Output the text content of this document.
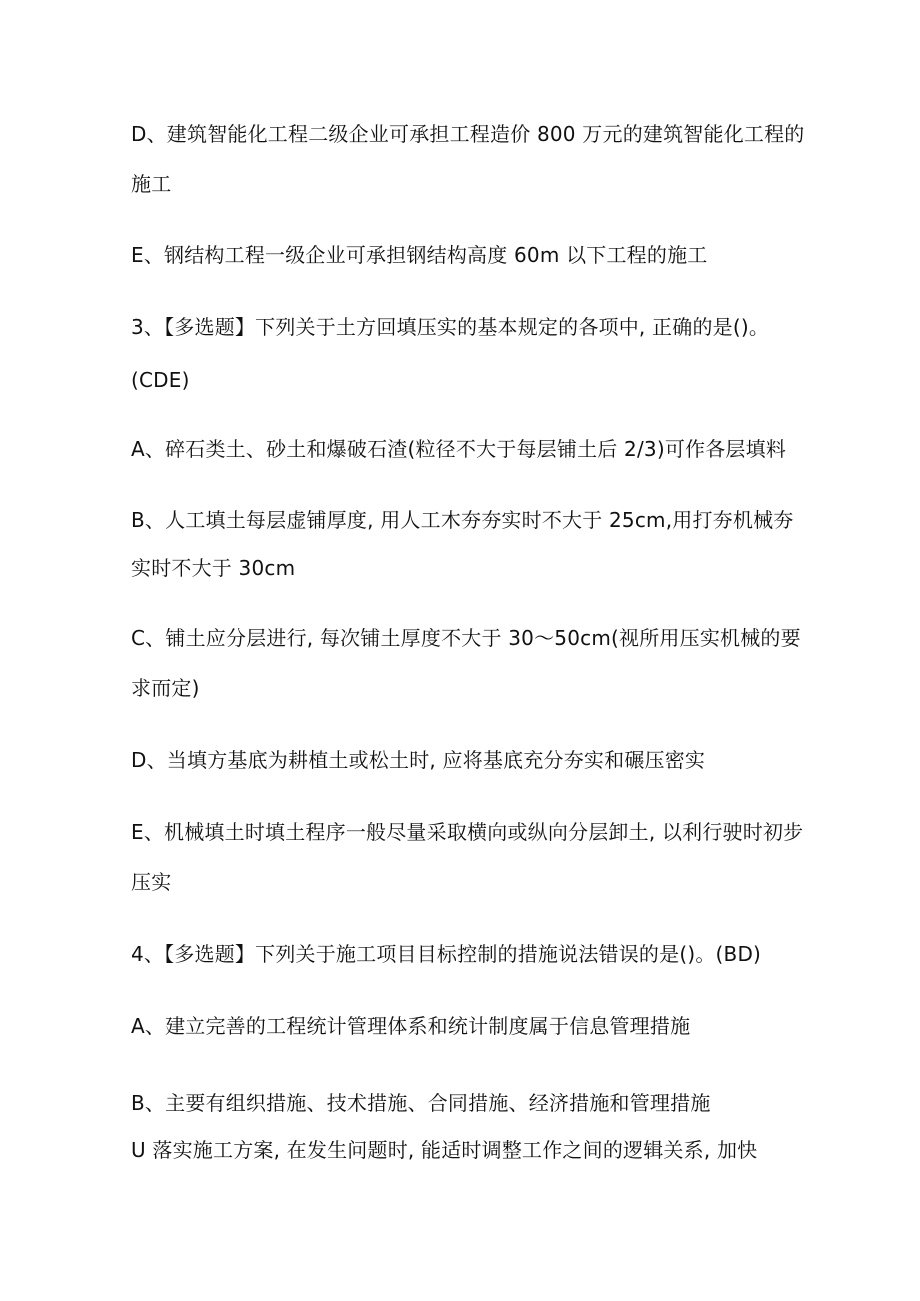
D、建筑智能化工程二级企业可承担工程造价 800 万元的建筑智能化工程的
施工
E、钢结构工程一级企业可承担钢结构高度 60m 以下工程的施工
3、【多选题】下列关于土方回填压实的基本规定的各项中, 正确的是()。
(CDE)
A、碎石类土、砂土和爆破石渣(粒径不大于每层铺土后 2/3)可作各层填料
B、人工填土每层虚铺厚度, 用人工木夯夯实时不大于 25cm,用打夯机械夯
实时不大于 30cm
C、铺土应分层进行, 每次铺土厚度不大于 30～50cm(视所用压实机械的要
求而定)
D、当填方基底为耕植土或松土时, 应将基底充分夯实和碾压密实
E、机械填土时填土程序一般尽量采取横向或纵向分层卸土, 以利行驶时初步
压实
4、【多选题】下列关于施工项目目标控制的措施说法错误的是()。(BD)
A、建立完善的工程统计管理体系和统计制度属于信息管理措施
B、主要有组织措施、技术措施、合同措施、经济措施和管理措施
U 落实施工方案, 在发生问题时, 能适时调整工作之间的逻辑关系, 加快
